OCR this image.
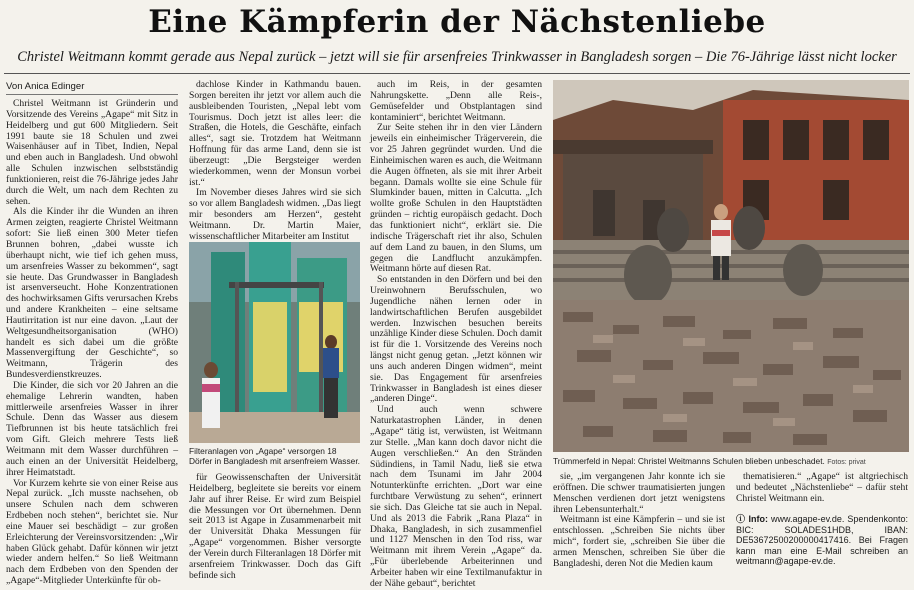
Eine Kämpferin der Nächstenliebe
Christel Weitmann kommt gerade aus Nepal zurück – jetzt will sie für arsenfreies Trinkwasser in Bangladesh sorgen – Die 76-Jährige lässt nicht locker
Von Anica Edinger

Christel Weitmann ist Gründerin und Vorsitzende des Vereins „Agape“ mit Sitz in Heidelberg und gut 600 Mitgliedern. Seit 1991 baute sie 18 Schulen und zwei Waisenhäuser auf in Tibet, Indien, Nepal und eben auch in Bangladesh. Und obwohl alle Schulen inzwischen selbstständig funktionieren, reist die 76-Jährige jedes Jahr durch die Welt, um nach dem Rechten zu sehen.

Als die Kinder ihr die Wunden an ihren Armen zeigten, reagierte Christel Weitmann sofort: Sie ließ einen 300 Meter tiefen Brunnen bohren, „dabei wusste ich überhaupt nicht, wie tief ich gehen muss, um arsenfreies Wasser zu bekommen“, sagt sie heute. Das Grundwasser in Bangladesh ist arsenverseucht. Hohe Konzentrationen des hochwirksamen Gifts verursachen Krebs und andere Krankheiten – eine seltsame Hautirritation ist nur eine davon. „Laut der Weltgesundheitsorganisation (WHO) handelt es sich dabei um die größte Massenvergiftung der Geschichte“, so Weitmann, Trägerin des Bundesverdienstkreuzes.

Die Kinder, die sich vor 20 Jahren an die ehemalige Lehrerin wandten, haben mittlerweile arsenfreies Wasser in ihrer Schule. Denn das Wasser aus diesem Tiefbrunnen ist bis heute tatsächlich frei vom Gift. Gleich mehrere Tests ließ Weitmann mit dem Wasser durchführen – auch einen an der Universität Heidelberg, ihrer Heimatstadt.

Vor Kurzem kehrte sie von einer Reise aus Nepal zurück. „Ich musste nachsehen, ob unsere Schulen nach dem schweren Erdbeben noch stehen“, berichtet sie. Nur eine Mauer sei beschädigt – zur großen Erleichterung der Vereinsvorsitzenden: „Wir haben Glück gehabt. Dafür können wir jetzt wieder andern helfen.“ So ließ Weitmann nach dem Erdbeben von den Spenden der „Agape“-Mitglieder Unterkünfte für ob-

dachlose Kinder in Kathmandu bauen. Sorgen bereiten ihr jetzt vor allem auch die ausbleibenden Touristen, „Nepal lebt vom Tourismus. Doch jetzt ist alles leer: die Straßen, die Hotels, die Geschäfte, einfach alles“, sagt sie. Trotzdem hat Weitmann Hoffnung für das arme Land, denn sie ist überzeugt: „Die Bergsteiger werden wiederkommen, wenn der Monsun vorbei ist.“

Im November dieses Jahres wird sie sich so vor allem Bangladesh widmen. „Das liegt mir besonders am Herzen“, gesteht Weitmann. Dr. Martin Maier, wissenschaftlicher Mitarbeiter am Institut

Filteranlagen von „Agape“ versorgen 18 Dörfer in Bangladesh mit arsenfreiem Wasser.

für Geowissenschaften der Universität Heidelberg, begleitete sie bereits vor einem Jahr auf ihrer Reise. Er wird zum Beispiel die Messungen vor Ort übernehmen. Denn seit 2013 ist Agape in Zusammenarbeit mit der Universität Dhaka Messungen für „Agape“ vorgenommen. Bisher versorgte der Verein durch Filteranlagen 18 Dörfer mit arsenfreiem Trinkwasser. Doch das Gift befinde sich

auch im Reis, in der gesamten Nahrungskette. „Denn alle Reis-, Gemüsefelder und Obstplantagen sind kontaminiert“, berichtet Weitmann.

Zur Seite stehen ihr in den vier Ländern jeweils ein einheimischer Trägerverein, die vor 25 Jahren gegründet wurden. Und die Einheimischen waren es auch, die Weitmann die Augen öffneten, als sie mit ihrer Arbeit begann. Damals wollte sie eine Schule für Slumkinder bauen, mitten in Calcutta. „Ich wollte große Schulen in den Hauptstädten gründen – richtig europäisch gedacht. Doch das funktioniert nicht“, erklärt sie. Die indische Trägerschaft riet ihr also, Schulen auf dem Land zu bauen, in den Slums, um gegen die Landflucht anzukämpfen. Weitmann hörte auf diesen Rat.

So entstanden in den Dörfern und bei den Ureinwohnern Berufsschulen, wo Jugendliche nähen lernen oder in landwirtschaftlichen Berufen ausgebildet werden. Inzwischen besuchen bereits unzählige Kinder diese Schulen. Doch damit ist für die 1. Vorsitzende des Vereins noch längst nicht genug getan. „Jetzt können wir uns auch anderen Dingen widmen“, meint sie. Das Engagement für arsenfreies Trinkwasser in Bangladesh ist eines dieser „anderen Dinge“.

Und auch wenn schwere Naturkatastrophen Länder, in denen „Agape“ tätig ist, verwüsten, ist Weitmann zur Stelle. „Man kann doch davor nicht die Augen verschließen.“ An den Stränden Südindiens, in Tamil Nadu, ließ sie etwa nach dem Tsunami im Jahr 2004 Notunterkünfte errichten. „Dort war eine furchtbare Verwüstung zu sehen“, erinnert sie sich. Das Gleiche tat sie auch in Nepal. Und als 2013 die Fabrik „Rana Plaza“ in Dhaka, Bangladesh, in sich zusammenfiel und 1127 Menschen in den Tod riss, war Weitmann mit ihrem Verein „Agape“ da. „Für überlebende Arbeiterinnen und Arbeiter haben wir eine Textilmanufaktur in der Nähe gebaut“, berichtet

Trümmerfeld in Nepal: Christel Weitmanns Schulen blieben unbeschadet. Fotos: privat

sie, „im vergangenen Jahr konnte ich sie eröffnen. Die schwer traumatisierten jungen Menschen verdienen dort jetzt wenigstens ihren Lebensunterhalt.“

Weitmann ist eine Kämpferin – und sie ist entschlossen. „Schreiben Sie nichts über mich“, fordert sie, „schreiben Sie über die armen Menschen, schreiben Sie über die Bangladeshi, deren Not die Medien kaum

thematisieren.“ „Agape“ ist altgriechisch und bedeutet „Nächstenliebe“ – dafür steht Christel Weitmann ein.

ⓘ Info: www.agape-ev.de. Spendenkonto: BIC: SOLADES1HDB, IBAN: DE53672500200000417416. Bei Fragen kann man eine E-Mail schreiben an weitmann@agape-ev.de.
